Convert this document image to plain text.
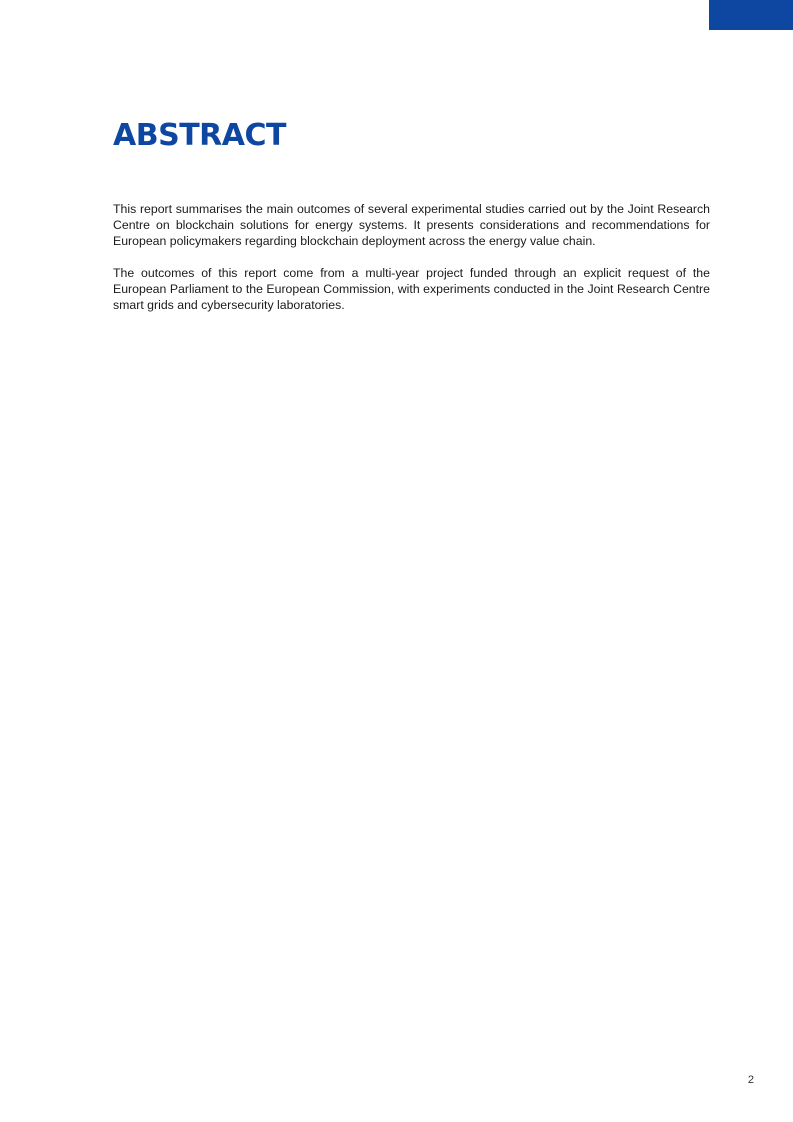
ABSTRACT

This report summarises the main outcomes of several experimental studies carried out by the Joint Research Centre on blockchain solutions for energy systems. It presents considerations and recommendations for European policymakers regarding blockchain deployment across the energy value chain.

The outcomes of this report come from a multi-year project funded through an explicit request of the European Parliament to the European Commission, with experiments conducted in the Joint Research Centre smart grids and cybersecurity laboratories.

2
